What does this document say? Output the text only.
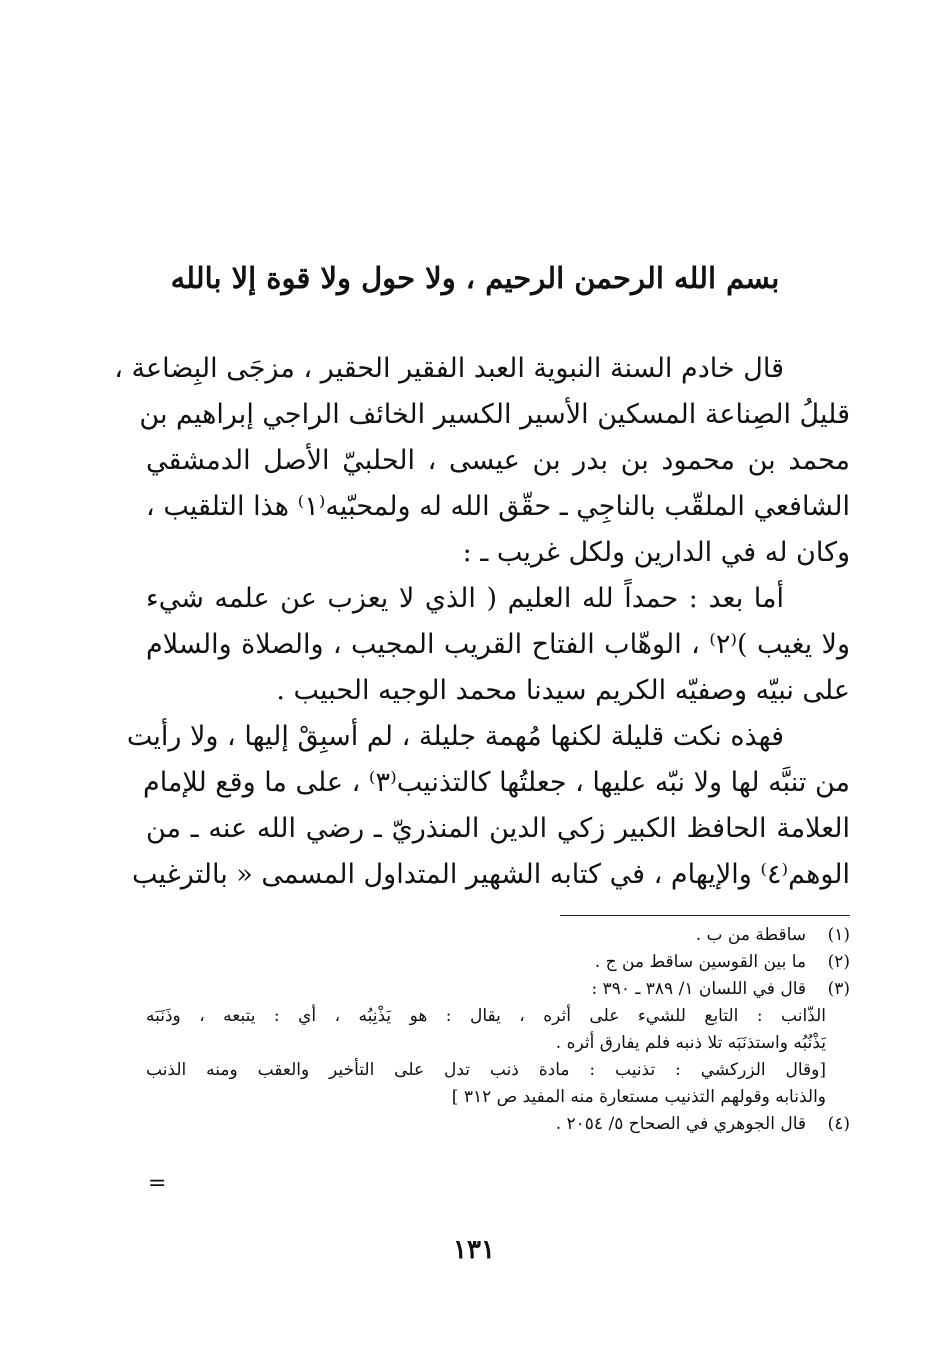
بسم الله الرحمن الرحيم ، ولا حول ولا قوة إلا بالله
قال خادم السنة النبوية العبد الفقير الحقير ، مزجَى البِضاعة ،
قليلُ الصِناعة المسكين الأسير الكسير الخائف الراجي إبراهيم بن
محمد بن محمود بن بدر بن عيسى ، الحلبيّ الأصل الدمشقي
الشافعي الملقّب بالناجِي ـ حقّق الله له ولمحبّيه⁽١⁾ هذا التلقيب ،
وكان له في الدارين ولكل غريب ـ :
أما بعد : حمداً لله العليم ( الذي لا يعزب عن علمه شيء
ولا يغيب )⁽٢⁾ ، الوهّاب الفتاح القريب المجيب ، والصلاة والسلام
على نبيّه وصفيّه الكريم سيدنا محمد الوجيه الحبيب .
فهذه نكت قليلة لكنها مُهمة جليلة ، لم أسبِقْ إليها ، ولا رأيت
من تنبَّه لها ولا نبّه عليها ، جعلتُها كالتذنيب⁽٣⁾ ، على ما وقع للإمام
العلامة الحافظ الكبير زكي الدين المنذريّ ـ رضي الله عنه ـ من
الوهم⁽٤⁾ والإيهام ، في كتابه الشهير المتداول المسمى « بالترغيب
(١)
ساقطة من ب .
(٢)
ما بين القوسين ساقط من ج .
(٣)
قال في اللسان ١/ ٣٨٩ ـ ٣٩٠ :
الذّانب : التابع للشيء على أثره ، يقال : هو يَذْنِبُه ، أي : يتبعه ، وذَنَبَه
يَذْنُبُه واستذنَبَه تلا ذنبه فلم يفارق أثره .
[وقال الزركشي : تذنيب : مادة ذنب تدل على التأخير والعقب ومنه الذنب
والذنابه وقولهم التذنيب مستعارة منه المفيد ص ٣١٢ ]
(٤)
قال الجوهري في الصحاح ٥/ ٢٠٥٤ .
=
١٣١
